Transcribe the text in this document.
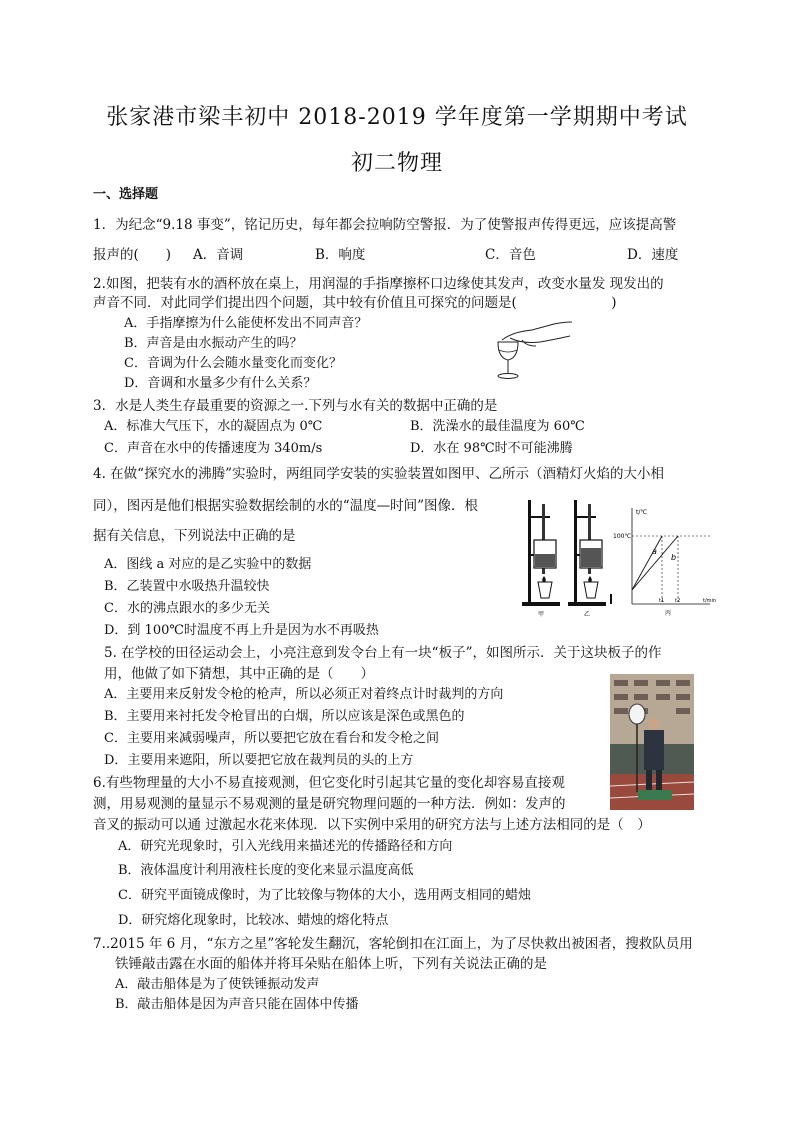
张家港市梁丰初中 2018-2019 学年度第一学期期中考试
初二物理
一、选择题
1．为纪念“9.18 事变”，铭记历史，每年都会拉响防空警报．为了使警报声传得更远，应该提高警
报声的(　　) A．音调	B．响度	C．音色	D．速度
2.如图，把装有水的酒杯放在桌上，用润湿的手指摩擦杯口边缘使其发声，改变水量发 现发出的
声音不同．对此同学们提出四个问题，其中较有价值且可探究的问题是(　　　　　　　)
A．手指摩擦为什么能使杯发出不同声音？
B．声音是由水振动产生的吗？
C．音调为什么会随水量变化而变化？
D．音调和水量多少有什么关系？
3．水是人类生存最重要的资源之一.下列与水有关的数据中正确的是
A．标准大气压下，水的凝固点为 0℃	B．洗澡水的最佳温度为 60℃
C．声音在水中的传播速度为 340m/s	D．水在 98℃时不可能沸腾
4. 在做“探究水的沸腾”实验时，两组同学安装的实验装置如图甲、乙所示（酒精灯火焰的大小相
同），图丙是他们根据实验数据绘制的水的“温度—时间”图像．根
据有关信息，下列说法中正确的是
A．图线 a 对应的是乙实验中的数据
B．乙装置中水吸热升温较快
C．水的沸点跟水的多少无关
D．到 100℃时温度不再上升是因为水不再吸热
甲	乙
t/℃
100℃
t/min
a
b
t1 t2
丙
5. 在学校的田径运动会上，小亮注意到发令台上有一块“板子”，如图所示．关于这块板子的作
用，他做了如下猜想，其中正确的是（　　）
A．主要用来反射发令枪的枪声，所以必须正对着终点计时裁判的方向
B．主要用来衬托发令枪冒出的白烟，所以应该是深色或黑色的
C．主要用来减弱噪声，所以要把它放在看台和发令枪之间
D．主要用来遮阳，所以要把它放在裁判员的头的上方
6.有些物理量的大小不易直接观测，但它变化时引起其它量的变化却容易直接观
测，用易观测的量显示不易观测的量是研究物理问题的一种方法．例如：发声的
音叉的振动可以通 过激起水花来体现．以下实例中采用的研究方法与上述方法相同的是（　）
A．研究光现象时，引入光线用来描述光的传播路径和方向
B．液体温度计利用液柱长度的变化来显示温度高低
C．研究平面镜成像时，为了比较像与物体的大小，选用两支相同的蜡烛
D．研究熔化现象时，比较冰、蜡烛的熔化特点
7..2015 年 6 月，“东方之星”客轮发生翻沉，客轮倒扣在江面上，为了尽快救出被困者，搜救队员用
铁锤敲击露在水面的船体并将耳朵贴在船体上听，下列有关说法正确的是
A．敲击船体是为了使铁锤振动发声
B．敲击船体是因为声音只能在固体中传播
